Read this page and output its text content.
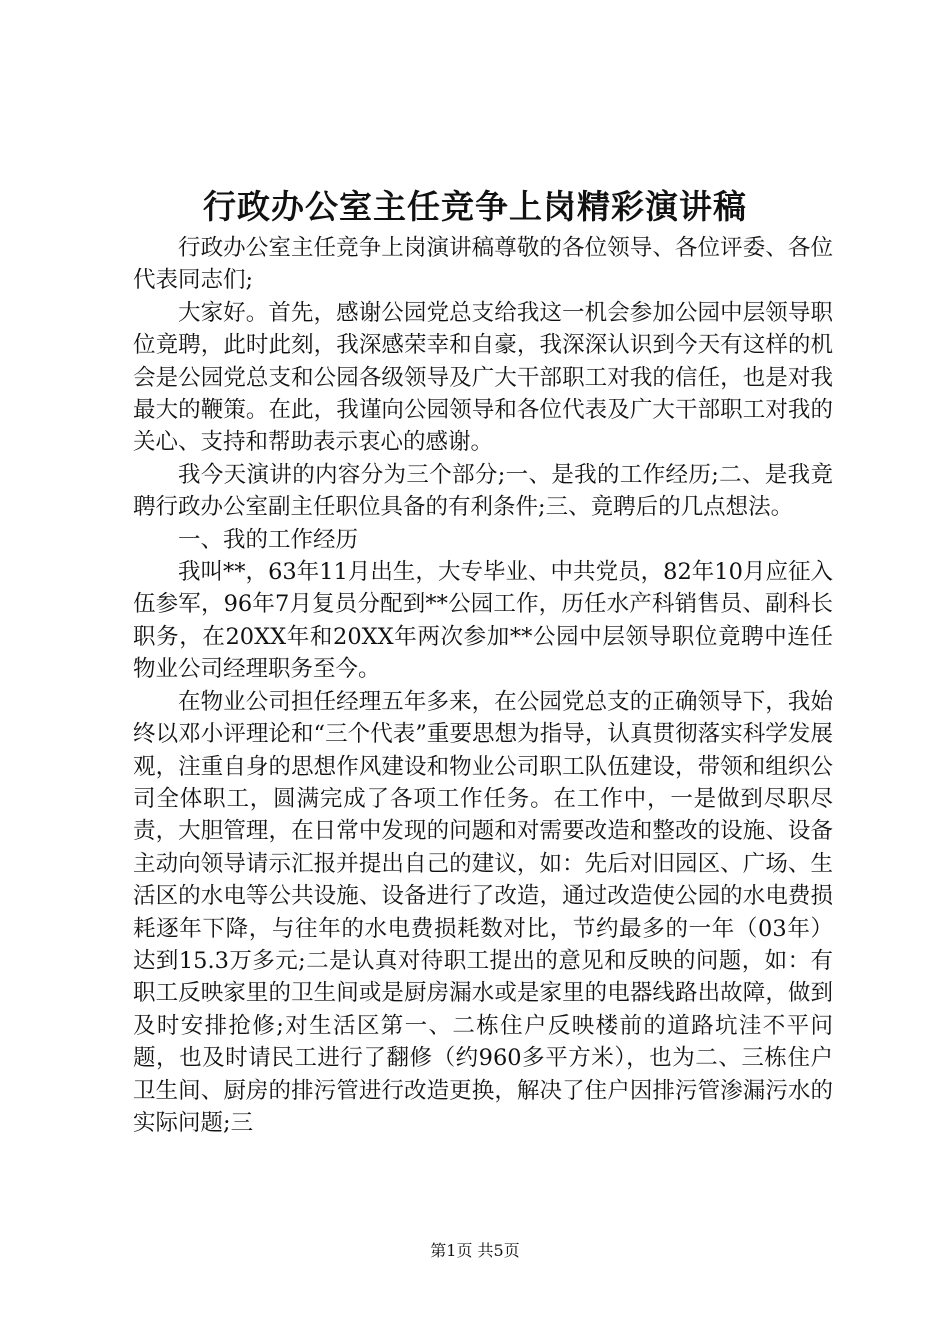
行政办公室主任竞争上岗精彩演讲稿

行政办公室主任竞争上岗演讲稿尊敬的各位领导、各位评委、各位代表同志们;

大家好。首先，感谢公园党总支给我这一机会参加公园中层领导职位竟聘，此时此刻，我深感荣幸和自豪，我深深认识到今天有这样的机会是公园党总支和公园各级领导及广大干部职工对我的信任，也是对我最大的鞭策。在此，我谨向公园领导和各位代表及广大干部职工对我的关心、支持和帮助表示衷心的感谢。

我今天演讲的内容分为三个部分;一、是我的工作经历;二、是我竟聘行政办公室副主任职位具备的有利条件;三、竟聘后的几点想法。

一、我的工作经历

我叫**，63年11月出生，大专毕业、中共党员，82年10月应征入伍参军，96年7月复员分配到**公园工作，历任水产科销售员、副科长职务，在20XX年和20XX年两次参加**公园中层领导职位竟聘中连任物业公司经理职务至今。

在物业公司担任经理五年多来，在公园党总支的正确领导下，我始终以邓小评理论和“三个代表”重要思想为指导，认真贯彻落实科学发展观，注重自身的思想作风建设和物业公司职工队伍建设，带领和组织公司全体职工，圆满完成了各项工作任务。在工作中，一是做到尽职尽责，大胆管理，在日常中发现的问题和对需要改造和整改的设施、设备主动向领导请示汇报并提出自己的建议，如：先后对旧园区、广场、生活区的水电等公共设施、设备进行了改造，通过改造使公园的水电费损耗逐年下降，与往年的水电费损耗数对比，节约最多的一年（03年）达到15.3万多元;二是认真对待职工提出的意见和反映的问题，如：有职工反映家里的卫生间或是厨房漏水或是家里的电器线路出故障，做到及时安排抢修;对生活区第一、二栋住户反映楼前的道路坑洼不平问题，也及时请民工进行了翻修（约960多平方米），也为二、三栋住户卫生间、厨房的排污管进行改造更换，解决了住户因排污管渗漏污水的实际问题;三

第1页 共5页
